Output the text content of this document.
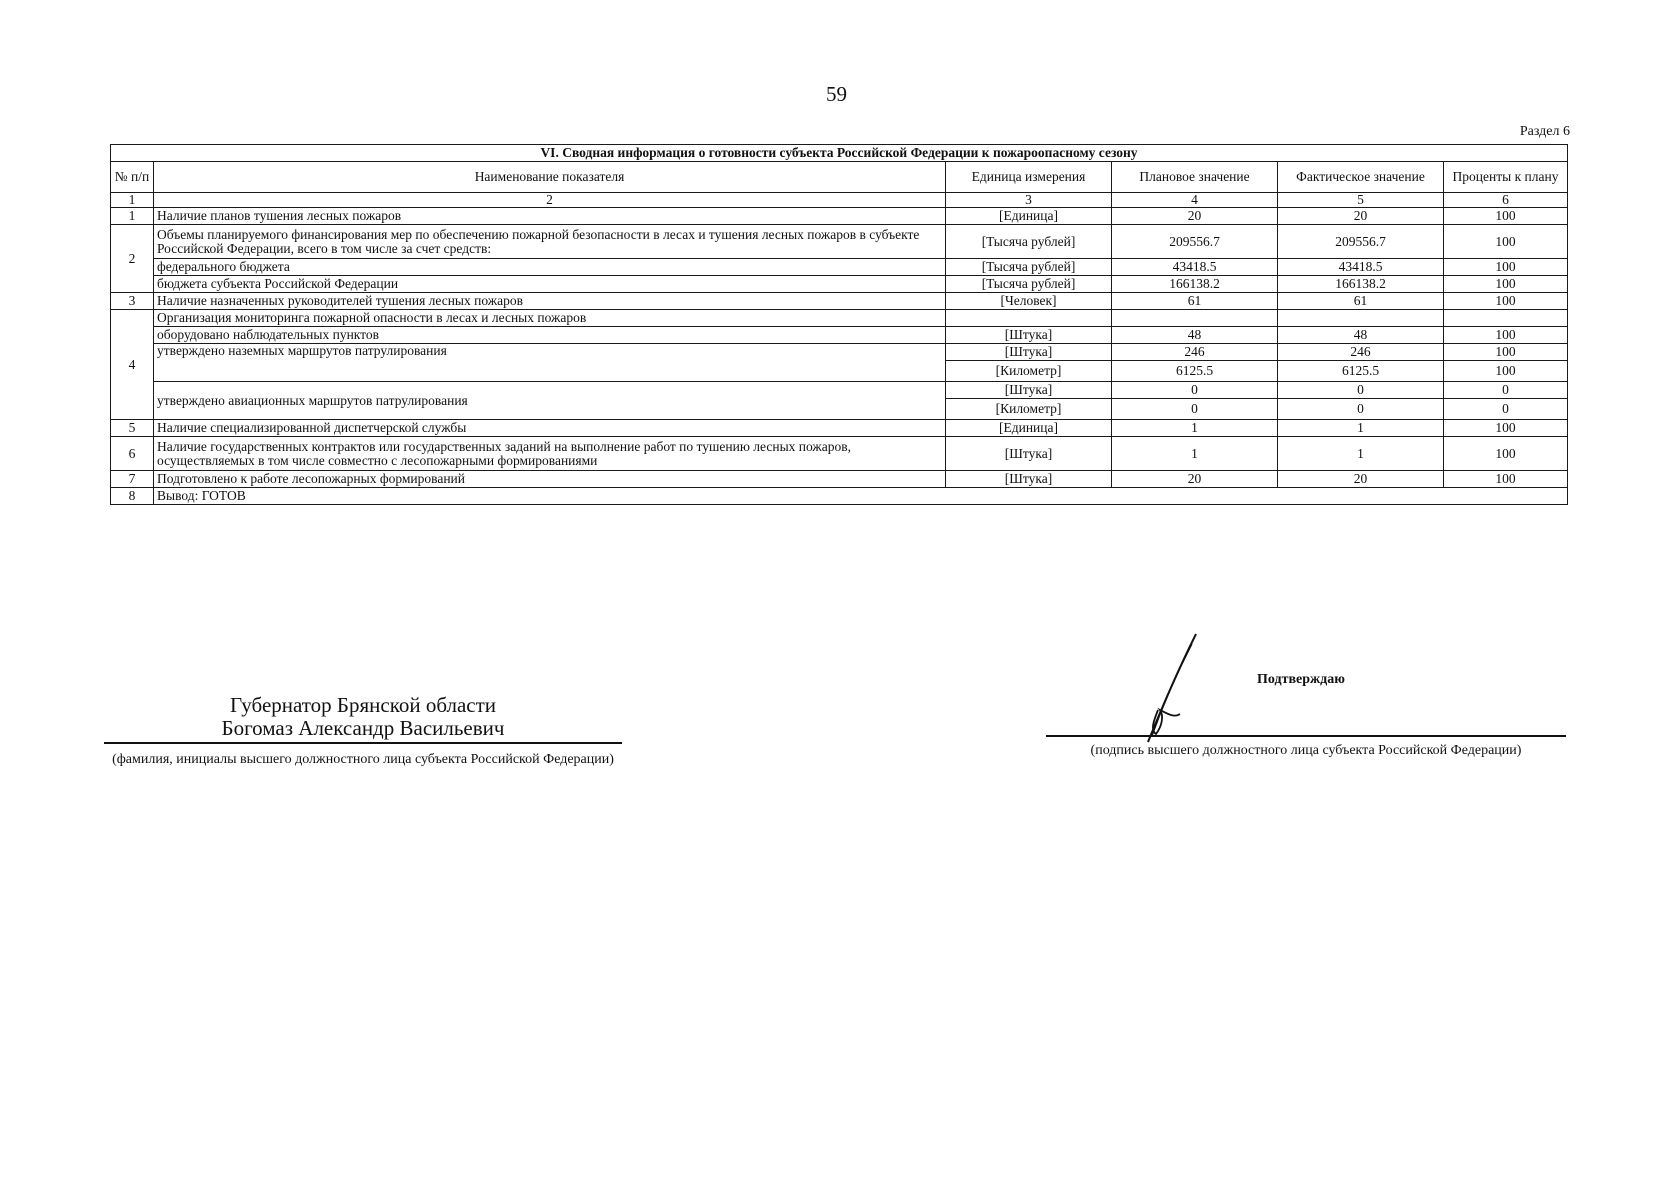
59
Раздел 6
VI. Сводная информация о готовности субъекта Российской Федерации к пожароопасному сезону					
№ п/п	Наименование показателя	Единица измерения	Плановое значение	Фактическое значение	Проценты к плану
1	2	3	4	5	6
1	Наличие планов тушения лесных пожаров	[Единица]	20	20	100
2	Объемы планируемого финансирования мер по обеспечению пожарной безопасности в лесах и тушения лесных пожаров в субъекте Российской Федерации, всего в том числе за счет средств:	[Тысяча рублей]	209556.7	209556.7	100
	федерального бюджета	[Тысяча рублей]	43418.5	43418.5	100
	бюджета субъекта Российской Федерации	[Тысяча рублей]	166138.2	166138.2	100
3	Наличие назначенных руководителей тушения лесных пожаров	[Человек]	61	61	100
4	Организация мониторинга пожарной опасности в лесах и лесных пожаров				
	оборудовано наблюдательных пунктов	[Штука]	48	48	100
	утверждено наземных маршрутов патрулирования	[Штука]	246	246	100
		[Километр]	6125.5	6125.5	100
	утверждено авиационных маршрутов патрулирования	[Штука]	0	0	0
		[Километр]	0	0	0
5	Наличие специализированной диспетчерской службы	[Единица]	1	1	100
6	Наличие государственных контрактов или государственных заданий на выполнение работ по тушению лесных пожаров, осуществляемых в том числе совместно с лесопожарными формированиями	[Штука]	1	1	100
7	Подготовлено к работе лесопожарных формирований	[Штука]	20	20	100
8	Вывод: ГОТОВ				
Губернатор Брянской области
Богомаз Александр Васильевич
(фамилия, инициалы высшего должностного лица субъекта Российской Федерации)
Подтверждаю
(подпись высшего должностного лица субъекта Российской Федерации)
